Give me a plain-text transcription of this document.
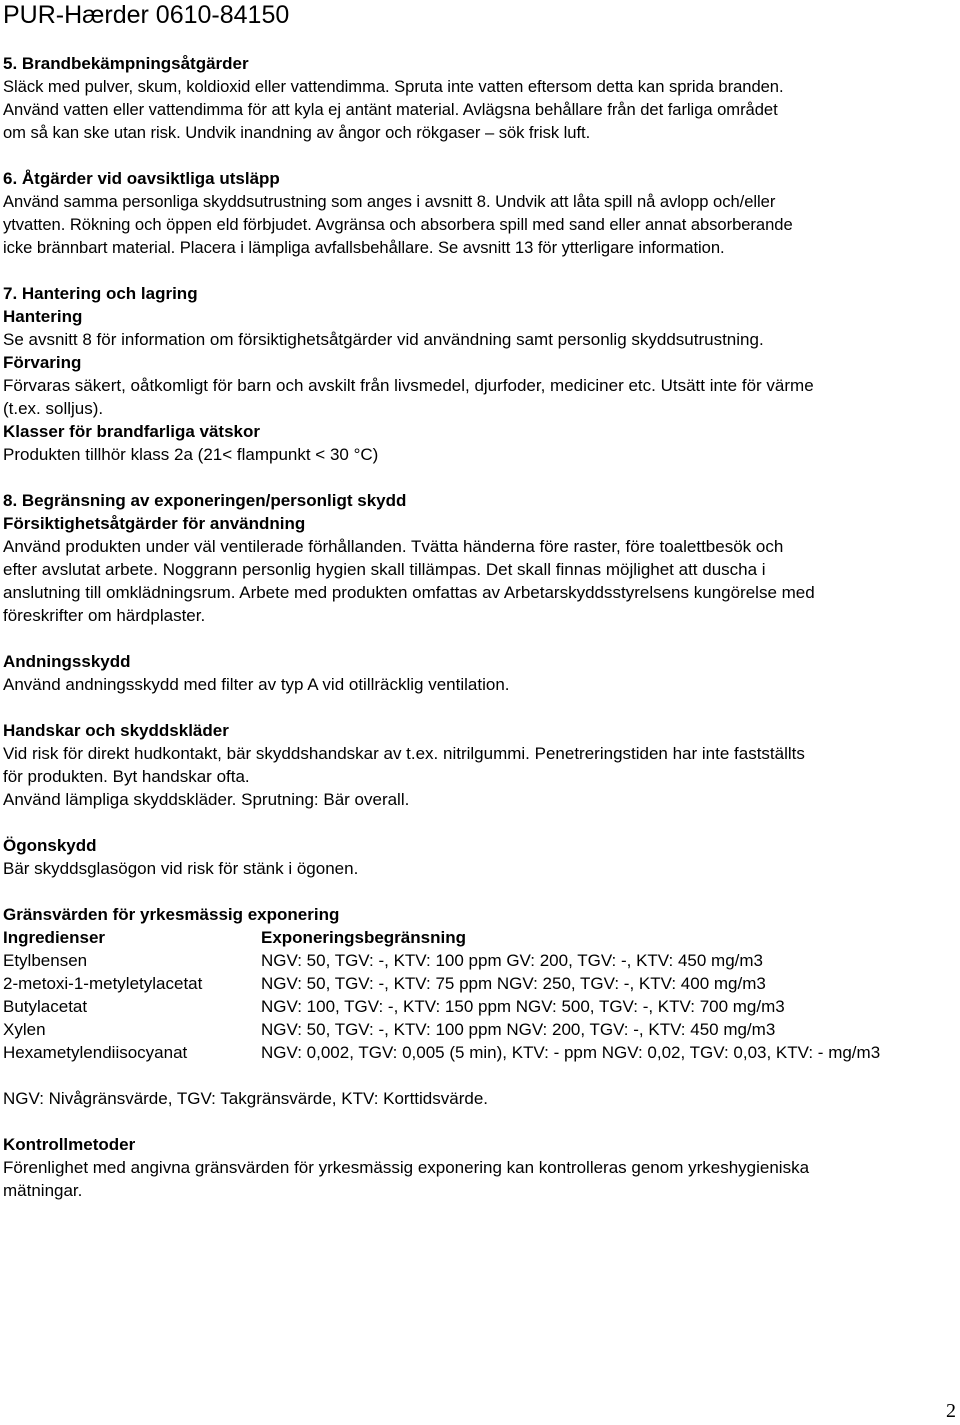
PUR-Hærder 0610-84150
5. Brandbekämpningsåtgärder
Släck med pulver, skum, koldioxid eller vattendimma. Spruta inte vatten eftersom detta kan sprida branden.
Använd vatten eller vattendimma för att kyla ej antänt material. Avlägsna behållare från det farliga området
om så kan ske utan risk. Undvik inandning av ångor och rökgaser – sök frisk luft.
6. Åtgärder vid oavsiktliga utsläpp
Använd samma personliga skyddsutrustning som anges i avsnitt 8. Undvik att låta spill nå avlopp och/eller
ytvatten. Rökning och öppen eld förbjudet. Avgränsa och absorbera spill med sand eller annat absorberande
icke brännbart material. Placera i lämpliga avfallsbehållare. Se avsnitt 13 för ytterligare information.
7. Hantering och lagring
Hantering
Se avsnitt 8 för information om försiktighetsåtgärder vid användning samt personlig skyddsutrustning.
Förvaring
Förvaras säkert, oåtkomligt för barn och avskilt från livsmedel, djurfoder, mediciner etc. Utsätt inte för värme
(t.ex. solljus).
Klasser för brandfarliga vätskor
Produkten tillhör klass 2a (21< flampunkt < 30 °C)
8. Begränsning av exponeringen/personligt skydd
Försiktighetsåtgärder för användning
Använd produkten under väl ventilerade förhållanden. Tvätta händerna före raster, före toalettbesök och
efter avslutat arbete. Noggrann personlig hygien skall tillämpas. Det skall finnas möjlighet att duscha i
anslutning till omklädningsrum. Arbete med produkten omfattas av Arbetarskyddsstyrelsens kungörelse med
föreskrifter om härdplaster.
Andningsskydd
Använd andningsskydd med filter av typ A vid otillräcklig ventilation.
Handskar och skyddskläder
Vid risk för direkt hudkontakt, bär skyddshandskar av t.ex. nitrilgummi. Penetreringstiden har inte fastställts
för produkten. Byt handskar ofta.
Använd lämpliga skyddskläder. Sprutning: Bär overall.
Ögonskydd
Bär skyddsglasögon vid risk för stänk i ögonen.
Gränsvärden för yrkesmässig exponering
Ingredienser	Exponeringsbegränsning
Etylbensen	NGV: 50, TGV: -, KTV: 100 ppm GV: 200, TGV: -, KTV: 450 mg/m3
2-metoxi-1-metyletylacetat	NGV: 50, TGV: -, KTV: 75 ppm NGV: 250, TGV: -, KTV: 400 mg/m3
Butylacetat	NGV: 100, TGV: -, KTV: 150 ppm NGV: 500, TGV: -, KTV: 700 mg/m3
Xylen	NGV: 50, TGV: -, KTV: 100 ppm NGV: 200, TGV: -, KTV: 450 mg/m3
Hexametylendiisocyanat	NGV: 0,002, TGV: 0,005 (5 min), KTV: - ppm NGV: 0,02, TGV: 0,03, KTV: - mg/m3
NGV: Nivågränsvärde, TGV: Takgränsvärde, KTV: Korttidsvärde.
Kontrollmetoder
Förenlighet med angivna gränsvärden för yrkesmässig exponering kan kontrolleras genom yrkeshygieniska
mätningar.
2
